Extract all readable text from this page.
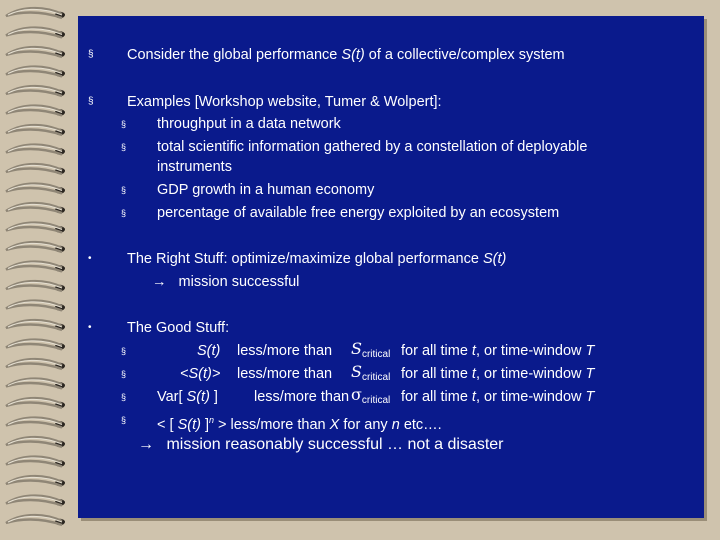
§ Consider the global performance S(t) of a collective/complex system
§ Examples [Workshop website, Tumer & Wolpert]:
§ throughput in a data network
§ total scientific information gathered by a constellation of deployable
instruments
§ GDP growth in a human economy
§ percentage of available free energy exploited by an ecosystem
• The Right Stuff: optimize/maximize global performance S(t)
→ mission successful
• The Good Stuff:
§	S(t) less/more than $S_{critical}$ for all time t, or time-window T
§	<S(t)> less/more than $S_{critical}$ for all time t, or time-window T
§ Var[ S(t) ] less/more than $\sigma_{critical}$ for all time t, or time-window T
§ < [ S(t) ]$^n$ > less/more than X for any n etc….
→ mission reasonably successful … not a disaster
